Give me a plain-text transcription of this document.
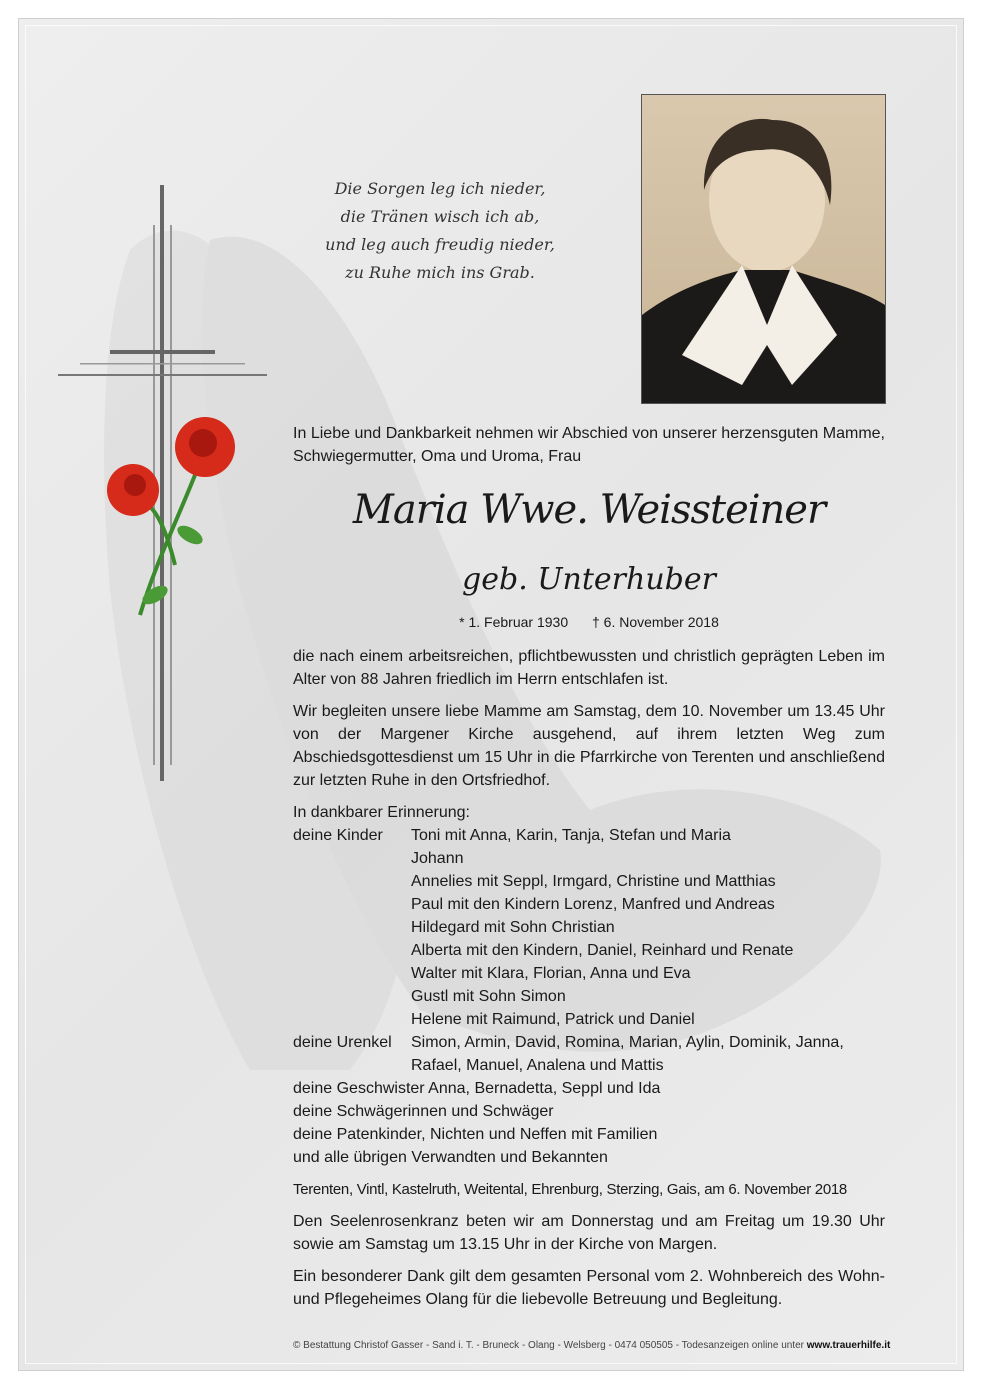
Die Sorgen leg ich nieder,
die Tränen wisch ich ab,
und leg auch freudig nieder,
zu Ruhe mich ins Grab.
In Liebe und Dankbarkeit nehmen wir Abschied von unserer herzensguten Mamme, Schwiegermutter, Oma und Uroma, Frau
Maria Wwe. Weissteiner
geb. Unterhuber
* 1. Februar 1930 † 6. November 2018
die nach einem arbeitsreichen, pflichtbewussten und christlich geprägten Leben im Alter von 88 Jahren friedlich im Herrn entschlafen ist.
Wir begleiten unsere liebe Mamme am Samstag, dem 10. November um 13.45 Uhr von der Margener Kirche ausgehend, auf ihrem letzten Weg zum Abschiedsgottesdienst um 15 Uhr in die Pfarrkirche von Terenten und anschließend zur letzten Ruhe in den Ortsfriedhof.
In dankbarer Erinnerung:
deine Kinder	Toni mit Anna, Karin, Tanja, Stefan und Maria
Johann
Annelies mit Seppl, Irmgard, Christine und Matthias
Paul mit den Kindern Lorenz, Manfred und Andreas
Hildegard mit Sohn Christian
Alberta mit den Kindern, Daniel, Reinhard und Renate
Walter mit Klara, Florian, Anna und Eva
Gustl mit Sohn Simon
Helene mit Raimund, Patrick und Daniel
deine Urenkel	Simon, Armin, David, Romina, Marian, Aylin, Dominik, Janna,
Rafael, Manuel, Analena und Mattis
deine Geschwister Anna, Bernadetta, Seppl und Ida
deine Schwägerinnen und Schwäger
deine Patenkinder, Nichten und Neffen mit Familien
und alle übrigen Verwandten und Bekannten
Terenten, Vintl, Kastelruth, Weitental, Ehrenburg, Sterzing, Gais, am 6. November 2018
Den Seelenrosenkranz beten wir am Donnerstag und am Freitag um 19.30 Uhr sowie am Samstag um 13.15 Uhr in der Kirche von Margen.
Ein besonderer Dank gilt dem gesamten Personal vom 2. Wohnbereich des Wohn- und Pflegeheimes Olang für die liebevolle Betreuung und Begleitung.
© Bestattung Christof Gasser - Sand i. T. - Bruneck - Olang - Welsberg - 0474 050505 - Todesanzeigen online unter www.trauerhilfe.it
